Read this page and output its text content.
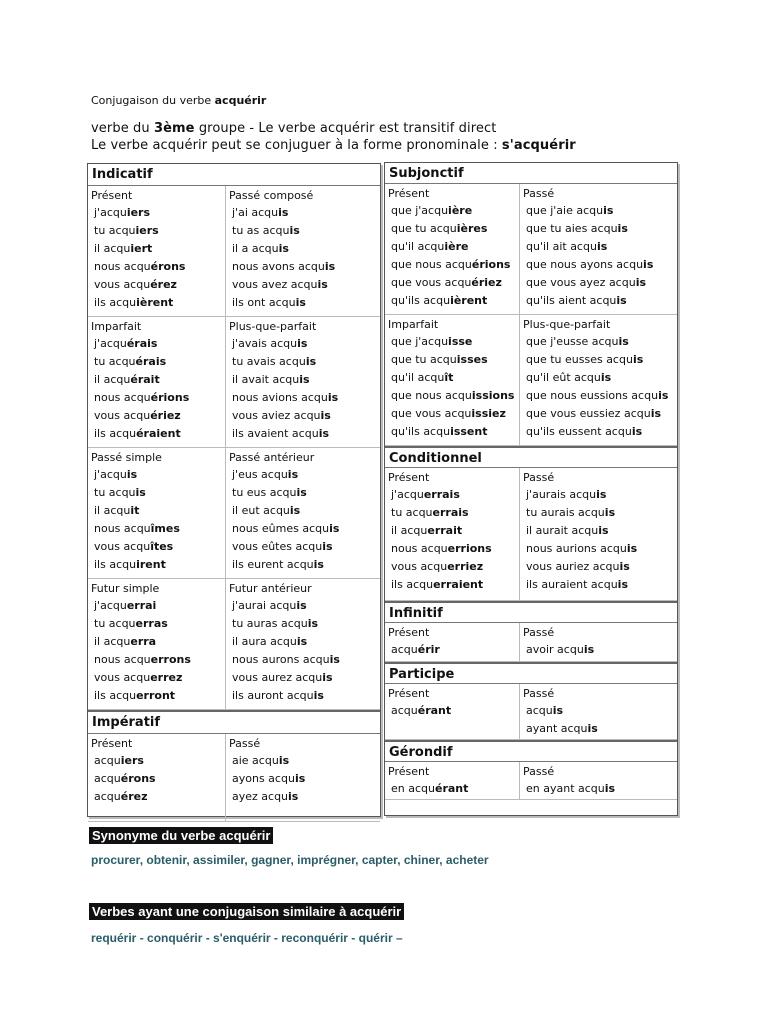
Conjugaison du verbe acquérir
verbe du 3ème groupe - Le verbe acquérir est transitif direct
Le verbe acquérir peut se conjuguer à la forme pronominale : s'acquérir
Indicatif
Présent
j'acquiers
tu acquiers
il acquiert
nous acquérons
vous acquérez
ils acquièrent
Passé composé
j'ai acquis
tu as acquis
il a acquis
nous avons acquis
vous avez acquis
ils ont acquis
Imparfait
j'acquérais
tu acquérais
il acquérait
nous acquérions
vous acquériez
ils acquéraient
Plus-que-parfait
j'avais acquis
tu avais acquis
il avait acquis
nous avions acquis
vous aviez acquis
ils avaient acquis
Passé simple
j'acquis
tu acquis
il acquit
nous acquîmes
vous acquîtes
ils acquirent
Passé antérieur
j'eus acquis
tu eus acquis
il eut acquis
nous eûmes acquis
vous eûtes acquis
ils eurent acquis
Futur simple
j'acquerrai
tu acquerras
il acquerra
nous acquerrons
vous acquerrez
ils acquerront
Futur antérieur
j'aurai acquis
tu auras acquis
il aura acquis
nous aurons acquis
vous aurez acquis
ils auront acquis
Impératif
Présent
acquiers
acquérons
acquérez
Passé
aie acquis
ayons acquis
ayez acquis
Subjonctif
Présent
que j'acquière
que tu acquières
qu'il acquière
que nous acquérions
que vous acquériez
qu'ils acquièrent
Passé
que j'aie acquis
que tu aies acquis
qu'il ait acquis
que nous ayons acquis
que vous ayez acquis
qu'ils aient acquis
Imparfait
que j'acquisse
que tu acquisses
qu'il acquît
que nous acquissions
que vous acquissiez
qu'ils acquissent
Plus-que-parfait
que j'eusse acquis
que tu eusses acquis
qu'il eût acquis
que nous eussions acquis
que vous eussiez acquis
qu'ils eussent acquis
Conditionnel
Présent
j'acquerrais
tu acquerrais
il acquerrait
nous acquerrions
vous acquerriez
ils acquerraient
Passé
j'aurais acquis
tu aurais acquis
il aurait acquis
nous aurions acquis
vous auriez acquis
ils auraient acquis
Infinitif
Présent
acquérir
Passé
avoir acquis
Participe
Présent
acquérant
Passé
acquis
ayant acquis
Gérondif
Présent
en acquérant
Passé
en ayant acquis
Synonyme du verbe acquérir
procurer, obtenir, assimiler, gagner, imprégner, capter, chiner, acheter
Verbes ayant une conjugaison similaire à acquérir
requérir - conquérir - s'enquérir - reconquérir - quérir –
